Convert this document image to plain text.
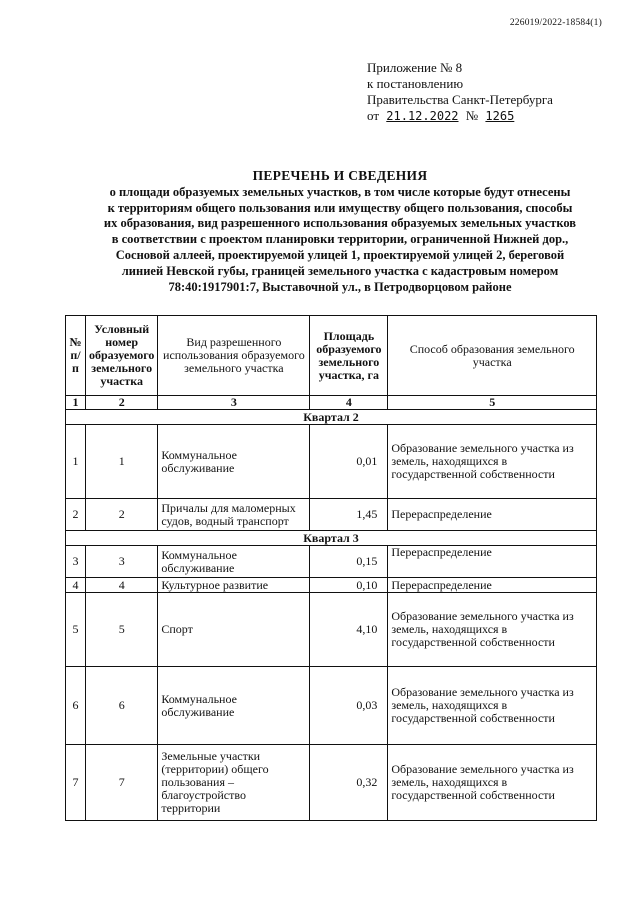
226019/2022-18584(1)
Приложение № 8
к постановлению
Правительства Санкт-Петербурга
от 21.12.2022 № 1265
ПЕРЕЧЕНЬ И СВЕДЕНИЯ
о площади образуемых земельных участков, в том числе которые будут отнесены
к территориям общего пользования или имуществу общего пользования, способы
их образования, вид разрешенного использования образуемых земельных участков
в соответствии с проектом планировки территории, ограниченной Нижней дор.,
Сосновой аллеей, проектируемой улицей 1, проектируемой улицей 2, береговой
линией Невской губы, границей земельного участка с кадастровым номером
78:40:1917901:7, Выставочной ул., в Петродворцовом районе
№ п/п	Условный номер образуемого земельного участка	Вид разрешенного использования образуемого земельного участка	Площадь образуемого земельного участка, га	Способ образования земельного участка
1	2	3	4	5
Квартал 2				
1	1	Коммунальное обслуживание	0,01	Образование земельного участка из земель, находящихся в государственной собственности
2	2	Причалы для маломерных судов, водный транспорт	1,45	Перераспределение
Квартал 3				
3	3	Коммунальное обслуживание	0,15	Перераспределение
4	4	Культурное развитие	0,10	Перераспределение
5	5	Спорт	4,10	Образование земельного участка из земель, находящихся в государственной собственности
6	6	Коммунальное обслуживание	0,03	Образование земельного участка из земель, находящихся в государственной собственности
7	7	Земельные участки (территории) общего пользования – благоустройство территории	0,32	Образование земельного участка из земель, находящихся в государственной собственности
